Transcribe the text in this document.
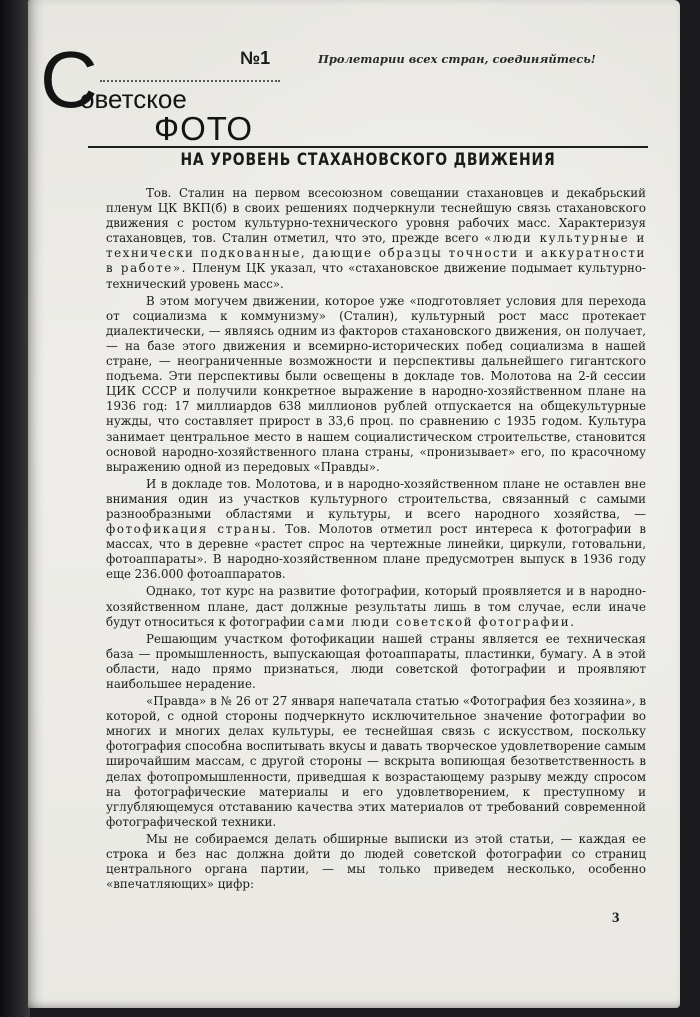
С
оветское
ФОТО
№1	Пролетарии всех стран, соединяйтесь!
НА УРОВЕНЬ СТАХАНОВСКОГО ДВИЖЕНИЯ

Тов. Сталин на первом всесоюзном совещании стахановцев и декабрьский пленум ЦК ВКП(б) в своих решениях подчеркнули теснейшую связь стахановского движения с ростом культурно-технического уровня рабочих масс. Характеризуя стахановцев, тов. Сталин отметил, что это, прежде всего «люди культурные и технически подкованные, дающие образцы точности и аккуратности в работе». Пленум ЦК указал, что «стахановское движение подымает культурно-технический уровень масс».

В этом могучем движении, которое уже «подготовляет условия для перехода от социализма к коммунизму» (Сталин), культурный рост масс протекает диалектически, — являясь одним из факторов стахановского движения, он получает, — на базе этого движения и всемирно-исторических побед социализма в нашей стране, — неограниченные возможности и перспективы дальнейшего гигантского подъема. Эти перспективы были освещены в докладе тов. Молотова на 2-й сессии ЦИК СССР и получили конкретное выражение в народно-хозяйственном плане на 1936 год: 17 миллиардов 638 миллионов рублей отпускается на общекультурные нужды, что составляет прирост в 33,6 проц. по сравнению с 1935 годом. Культура занимает центральное место в нашем социалистическом строительстве, становится основой народно-хозяйственного плана страны, «пронизывает» его, по красочному выражению одной из передовых «Правды».

И в докладе тов. Молотова, и в народно-хозяйственном плане не оставлен вне внимания один из участков культурного строительства, связанный с самыми разнообразными областями и культуры, и всего народного хозяйства, — фотофикация страны. Тов. Молотов отметил рост интереса к фотографии в массах, что в деревне «растет спрос на чертежные линейки, циркули, готовальни, фотоаппараты». В народно-хозяйственном плане предусмотрен выпуск в 1936 году еще 236.000 фотоаппаратов.

Однако, тот курс на развитие фотографии, который проявляется и в народно-хозяйственном плане, даст должные результаты лишь в том случае, если иначе будут относиться к фотографии сами люди советской фотографии.

Решающим участком фотофикации нашей страны является ее техническая база — промышленность, выпускающая фотоаппараты, пластинки, бумагу. А в этой области, надо прямо признаться, люди советской фотографии и проявляют наибольшее нерадение.

«Правда» в № 26 от 27 января напечатала статью «Фотография без хозяина», в которой, с одной стороны подчеркнуто исключительное значение фотографии во многих и многих делах культуры, ее теснейшая связь с искусством, поскольку фотография способна воспитывать вкусы и давать творческое удовлетворение самым широчайшим массам, с другой стороны — вскрыта вопиющая безответственность в делах фотопромышленности, приведшая к возрастающему разрыву между спросом на фотографические материалы и его удовлетворением, к преступному и углубляющемуся отставанию качества этих материалов от требований современной фотографической техники.

Мы не собираемся делать обширные выписки из этой статьи, — каждая ее строка и без нас должна дойти до людей советской фотографии со страниц центрального органа партии, — мы только приведем несколько, особенно «впечатляющих» цифр:

3
